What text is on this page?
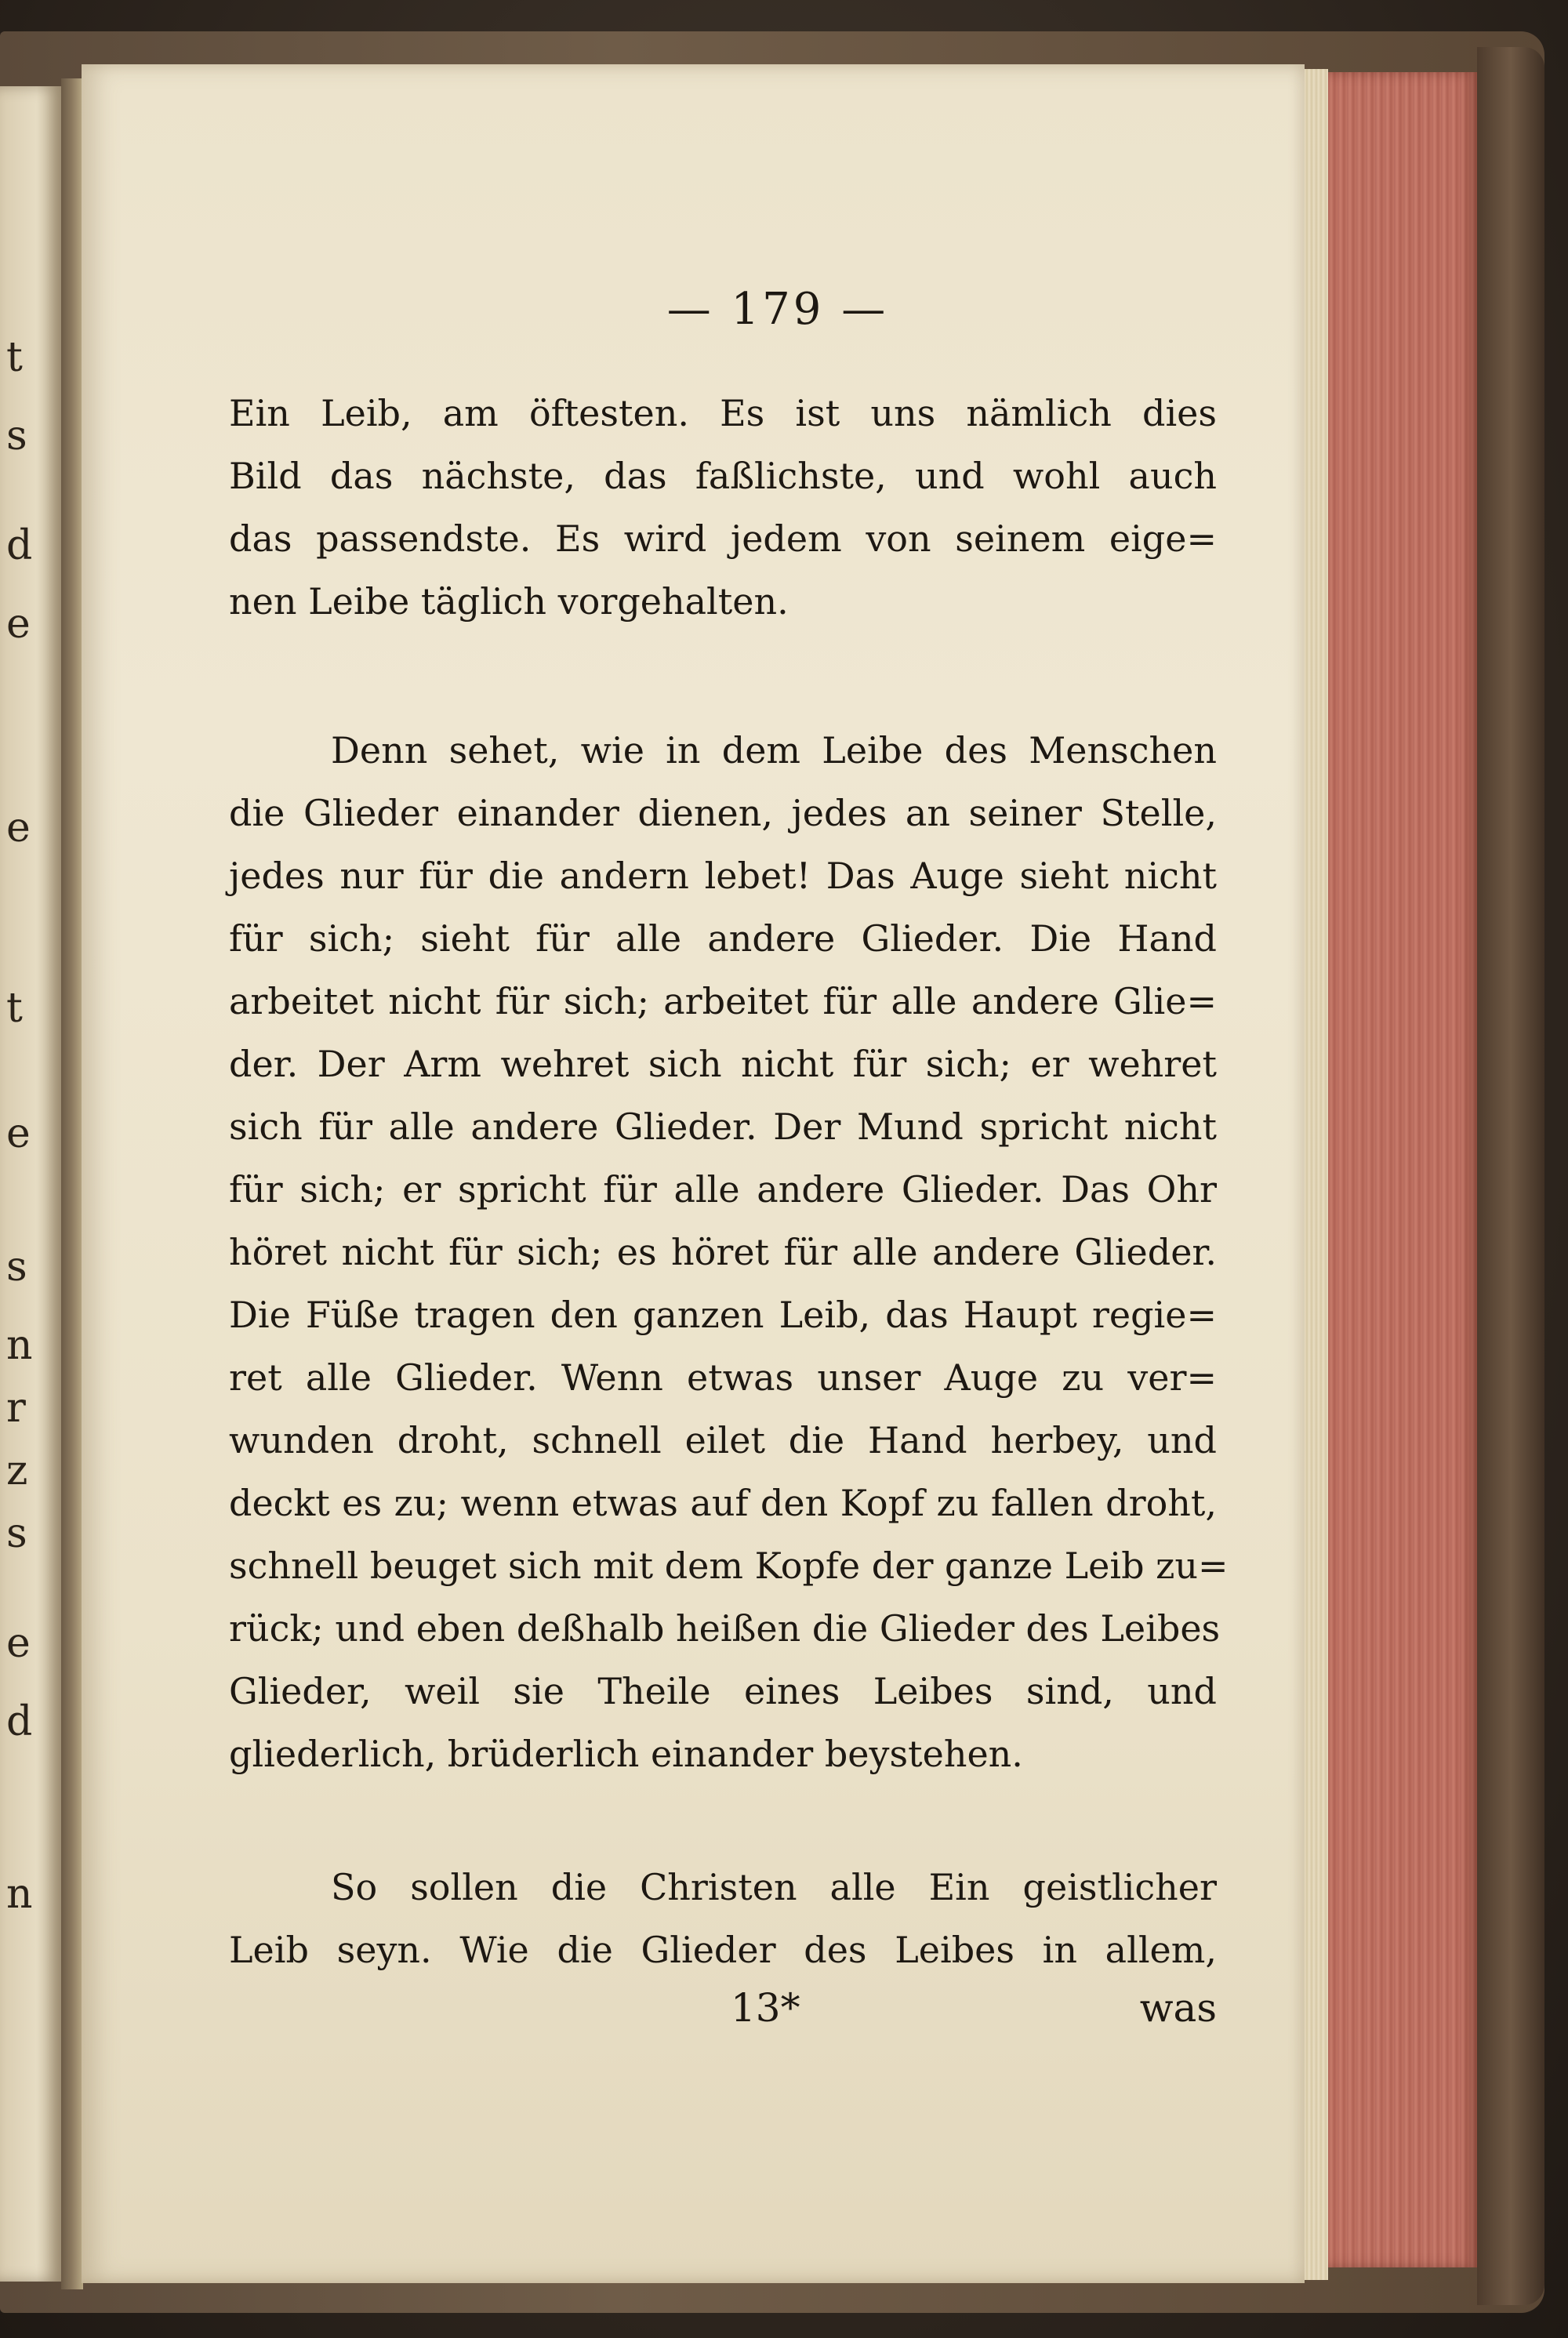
t
s
d
e
e
t
e
s
n
r
z
s
e
d
n
— 179 —
Ein Leib, am öftesten. Es ist uns nämlich dies
Bild das nächste, das faßlichste, und wohl auch
das passendste. Es wird jedem von seinem eige=
nen Leibe täglich vorgehalten.
Denn sehet, wie in dem Leibe des Menschen
die Glieder einander dienen, jedes an seiner Stelle,
jedes nur für die andern lebet! Das Auge sieht nicht
für sich; sieht für alle andere Glieder. Die Hand
arbeitet nicht für sich; arbeitet für alle andere Glie=
der. Der Arm wehret sich nicht für sich; er wehret
sich für alle andere Glieder. Der Mund spricht nicht
für sich; er spricht für alle andere Glieder. Das Ohr
höret nicht für sich; es höret für alle andere Glieder.
Die Füße tragen den ganzen Leib, das Haupt regie=
ret alle Glieder. Wenn etwas unser Auge zu ver=
wunden droht, schnell eilet die Hand herbey, und
deckt es zu; wenn etwas auf den Kopf zu fallen droht,
schnell beuget sich mit dem Kopfe der ganze Leib zu=
rück; und eben deßhalb heißen die Glieder des Leibes
Glieder, weil sie Theile eines Leibes sind, und
gliederlich, brüderlich einander beystehen.
So sollen die Christen alle Ein geistlicher
Leib seyn. Wie die Glieder des Leibes in allem,
13*	was
